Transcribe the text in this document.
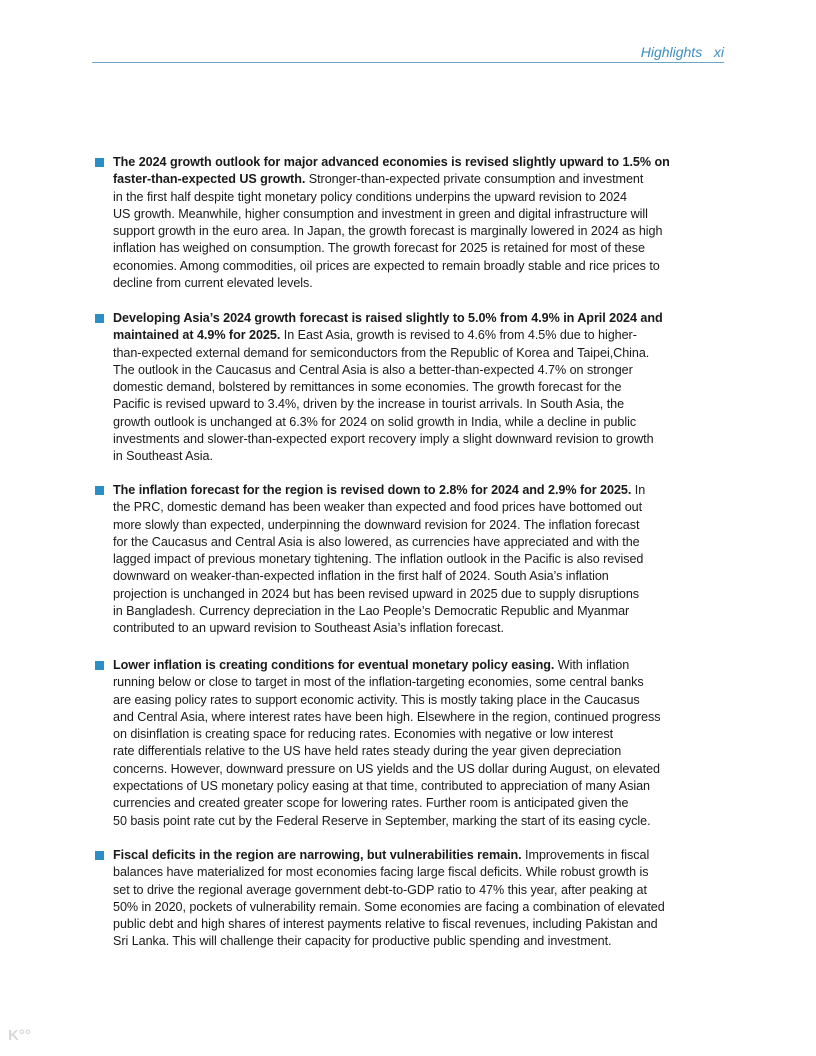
Highlights xi
The 2024 growth outlook for major advanced economies is revised slightly upward to 1.5% on
faster-than-expected US growth. Stronger-than-expected private consumption and investment
in the first half despite tight monetary policy conditions underpins the upward revision to 2024
US growth. Meanwhile, higher consumption and investment in green and digital infrastructure will
support growth in the euro area. In Japan, the growth forecast is marginally lowered in 2024 as high
inflation has weighed on consumption. The growth forecast for 2025 is retained for most of these
economies. Among commodities, oil prices are expected to remain broadly stable and rice prices to
decline from current elevated levels.
Developing Asia’s 2024 growth forecast is raised slightly to 5.0% from 4.9% in April 2024 and
maintained at 4.9% for 2025. In East Asia, growth is revised to 4.6% from 4.5% due to higher-
than-expected external demand for semiconductors from the Republic of Korea and Taipei,China.
The outlook in the Caucasus and Central Asia is also a better-than-expected 4.7% on stronger
domestic demand, bolstered by remittances in some economies. The growth forecast for the
Pacific is revised upward to 3.4%, driven by the increase in tourist arrivals. In South Asia, the
growth outlook is unchanged at 6.3% for 2024 on solid growth in India, while a decline in public
investments and slower-than-expected export recovery imply a slight downward revision to growth
in Southeast Asia.
The inflation forecast for the region is revised down to 2.8% for 2024 and 2.9% for 2025. In
the PRC, domestic demand has been weaker than expected and food prices have bottomed out
more slowly than expected, underpinning the downward revision for 2024. The inflation forecast
for the Caucasus and Central Asia is also lowered, as currencies have appreciated and with the
lagged impact of previous monetary tightening. The inflation outlook in the Pacific is also revised
downward on weaker-than-expected inflation in the first half of 2024. South Asia’s inflation
projection is unchanged in 2024 but has been revised upward in 2025 due to supply disruptions
in Bangladesh. Currency depreciation in the Lao People’s Democratic Republic and Myanmar
contributed to an upward revision to Southeast Asia’s inflation forecast.
Lower inflation is creating conditions for eventual monetary policy easing. With inflation
running below or close to target in most of the inflation-targeting economies, some central banks
are easing policy rates to support economic activity. This is mostly taking place in the Caucasus
and Central Asia, where interest rates have been high. Elsewhere in the region, continued progress
on disinflation is creating space for reducing rates. Economies with negative or low interest
rate differentials relative to the US have held rates steady during the year given depreciation
concerns. However, downward pressure on US yields and the US dollar during August, on elevated
expectations of US monetary policy easing at that time, contributed to appreciation of many Asian
currencies and created greater scope for lowering rates. Further room is anticipated given the
50 basis point rate cut by the Federal Reserve in September, marking the start of its easing cycle.
Fiscal deficits in the region are narrowing, but vulnerabilities remain. Improvements in fiscal
balances have materialized for most economies facing large fiscal deficits. While robust growth is
set to drive the regional average government debt-to-GDP ratio to 47% this year, after peaking at
50% in 2020, pockets of vulnerability remain. Some economies are facing a combination of elevated
public debt and high shares of interest payments relative to fiscal revenues, including Pakistan and
Sri Lanka. This will challenge their capacity for productive public spending and investment.
K°°
